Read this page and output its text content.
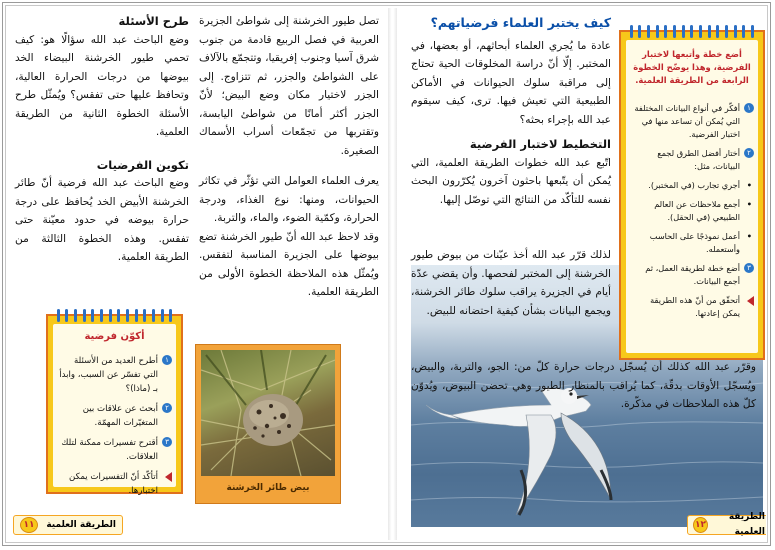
تصل طيور الخرشنة إلى شواطئ الجزيرة العربية في فصل الربيع قادمة من جنوب شرق آسيا وجنوب إفريقيا، وتتجمّع بالآلاف على الشواطئ والجزر، ثم تتزاوج. إلى الجزر لاختيار مكان وضع البيض؛ لأنّ الجزر أكثر أمانًا من شواطئ اليابسة، وتقتربها من تجمّعات أسراب الأسماك الصغيرة.

يعرف العلماء العوامل التي تؤثّر في تكاثر الحيوانات، ومنها: نوع الغذاء، ودرجة الحرارة، وكمّية الضوء، والماء، والتربة.

وقد لاحظ عبد الله أنّ طيور الخرشنة تضع بيوضها على الجزيرة المناسبة لتفقس. ويُمثّل هذه الملاحظة الخطوة الأولى من الطريقة العلمية.

طرح الأسئلة

وضع الباحث عبد الله سؤالًا هو: كيف تحمي طيور الخرشنة البيضاء الخد بيوضها من درجات الحرارة العالية، وتحافظ عليها حتى تفقس؟ ويُمثّل طرح الأسئلة الخطوة الثانية من الطريقة العلمية.

تكوين الفرضيات

وضع الباحث عبد الله فرضية أنّ طائر الخرشنة الأبيض الخد يُحافظ على درجة حرارة بيوضه في حدود معيّنة حتى تفقس. وهذه الخطوة الثالثة من الطريقة العلمية.

أكوّن فرضية
١
أطرح العديد من الأسئلة التي تفسّر عن السبب، وابدأ بـ (ماذا)؟
٢
أبحث عن علاقات بين المتغيّرات المهمّة.
٣
أقترح تفسيرات ممكنة لتلك العلاقات.
أتأكّد أنّ التفسيرات يمكن اختبارها.	بيض طائر الخرشنة
الطريقة العلمية
١١
كيف يختبر العلماء فرضياتهم؟

عادة ما يُجري العلماء أبحاثهم، أو بعضها، في المختبر. إلّا أنّ دراسة المخلوقات الحية تحتاج إلى مراقبة سلوك الحيوانات في الأماكن الطبيعية التي تعيش فيها. ترى، كيف سيقوم عبد الله بإجراء بحثه؟

التخطيط لاختبار الفرضية

اتّبع عبد الله خطوات الطريقة العلمية، التي يُمكن أن يتّبعها باحثون آخرون يُكرّرون البحث نفسه للتأكّد من النتائج التي توصّل إليها.

لذلك قرّر عبد الله أخذ عيّنات من بيوض طيور الخرشنة إلى المختبر لفحصها. وأن يقضي عدّة أيام في الجزيرة يراقب سلوك طائر الخرشنة، ويجمع البيانات بشأن كيفية احتضانه للبيض.

وقرّر عبد الله كذلك أن يُسجّل درجات حرارة كلّ من: الجو، والتربة، والبيض، ويُسجّل الأوقات بدقّة، كما يُراقب بالمنظار الطيور وهي تحضن البيوض، ويُدوّن كلّ هذه الملاحظات في مذكّرة.

أضع خطة وأتبعها لاختبار الفرضية، وهذا يوضّح الخطوة الرابعة من الطريقة العلمية.
١
أفكّر في أنواع البيانات المختلفة التي يُمكن أن تساعد منها في اختبار الفرضية.
٢
أختار أفضل الطرق لجمع البيانات، مثل:
•
أجري تجارب (في المختبر).
•
أجمع ملاحظات عن العالم الطبيعي (في الحقل).
•
أعمل نموذجًا على الحاسب وأستعمله.
٣
أضع خطة لطريقة العمل، ثم أجمع البيانات.
أتحقّق من أنّ هذه الطريقة يمكن إعادتها.
الطريقة العلمية
١٢
